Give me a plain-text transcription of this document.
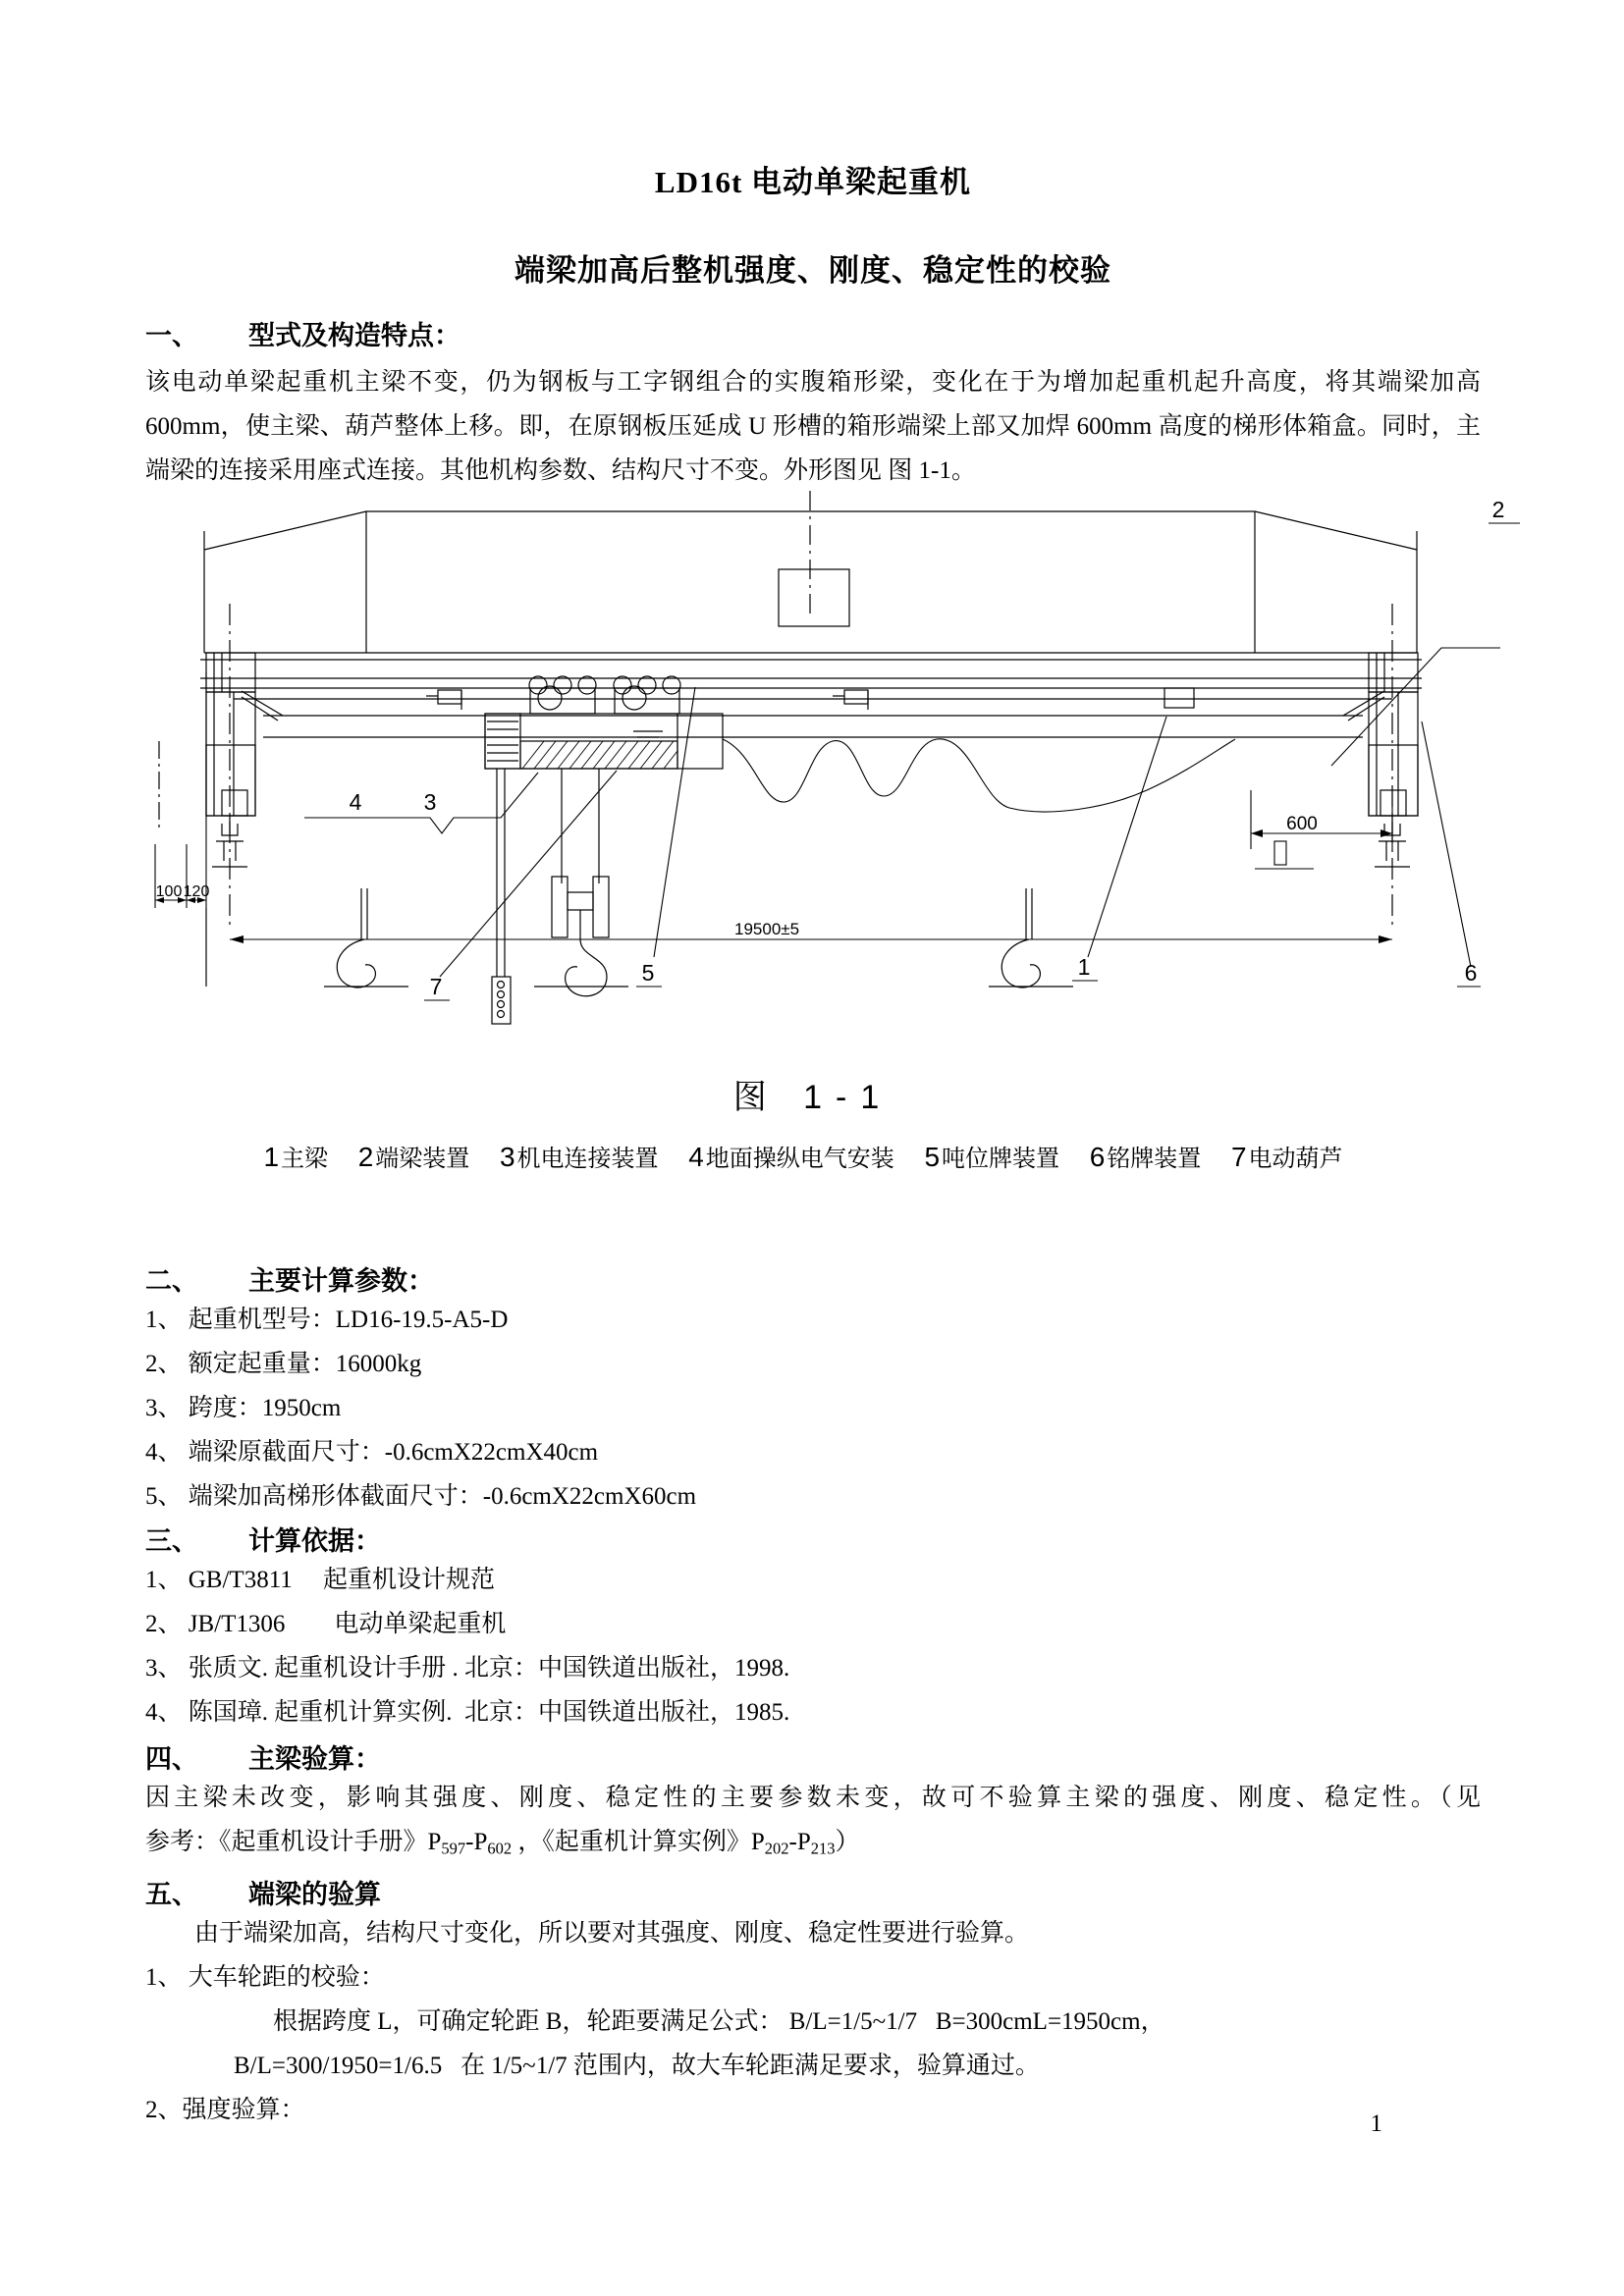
LD16t 电动单梁起重机
端梁加高后整机强度、刚度、稳定性的校验
一、 型式及构造特点：
该电动单梁起重机主梁不变，仍为钢板与工字钢组合的实腹箱形梁，变化在于为增加起重机起升高度，将其端梁加高 600mm，使主梁、葫芦整体上移。即，在原钢板压延成 U 形槽的箱形端梁上部又加焊 600mm 高度的梯形体箱盒。同时，主端梁的连接采用座式连接。其他机构参数、结构尺寸不变。外形图见 图 1-1。
19500±5
600
100 120
2
6
1
5
7
4	3
图 1-1
1主梁 2端梁装置 3机电连接装置 4地面操纵电气安装 5吨位牌装置 6铭牌装置 7电动葫芦
二、 主要计算参数：
1、 起重机型号：LD16-19.5-A5-D
2、 额定起重量：16000kg
3、 跨度：1950cm
4、 端梁原截面尺寸：-0.6cmX22cmX40cm
5、 端梁加高梯形体截面尺寸：-0.6cmX22cmX60cm
三、 计算依据：
1、 GB/T3811     起重机设计规范
2、 JB/T1306        电动单梁起重机
3、 张质文. 起重机设计手册 . 北京：中国铁道出版社，1998.
4、 陈国璋. 起重机计算实例.  北京：中国铁道出版社，1985.
四、 主梁验算：
因主梁未改变，影响其强度、刚度、稳定性的主要参数未变，故可不验算主梁的强度、刚度、稳定性。（见
参考：《起重机设计手册》$P_{597}-P_{602}$ ，《起重机计算实例》$P_{202}-P_{213}$）
五、 端梁的验算
由于端梁加高，结构尺寸变化，所以要对其强度、刚度、稳定性要进行验算。
1、 大车轮距的校验：
根据跨度 L，可确定轮距 B，轮距要满足公式： B/L=1/5~1/7   B=300cmL=1950cm，
B/L=300/1950=1/6.5   在 1/5~1/7 范围内，故大车轮距满足要求，验算通过。
2、强度验算：
1
